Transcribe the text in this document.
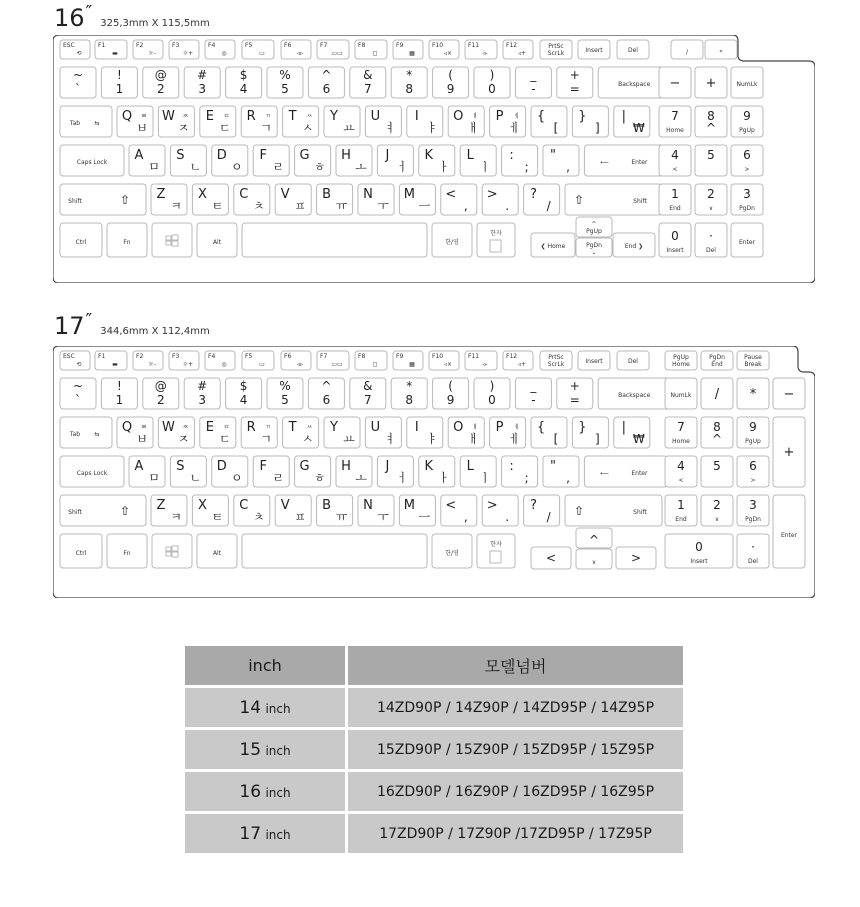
16″
325,3mm X 115,5mm
ESC
⟲
F1
▬
F2
☼-
F3
☼+
F4
◎
F5
▭
F6
◃▹
F7
▭▭
F8
◻
F9
▦
F10
◃×
F11
◃-
F12
◃+
PrtSc
ScrLk	Insert	Del
~
`
!
1
@
2
#
3
$
4
%
5
^
6
&
7
*
8
(
9
)
0
_
-
+
=	Backspace
Tab ⇆ Q ㅃ
ㅂ
W ㅉ
ㅈ
E ㄸ
ㄷ
R ㄲ
ㄱ
T ㅆ
ㅅ
Y
ㅛ
U
ㅕ
I
ㅑ
O ㅒ
ㅐ
P ㅖ
ㅔ
{
[
}
]
|
₩
Caps Lock A
ㅁ
S
ㄴ
D
ㅇ
F
ㄹ
G
ㅎ
H
ㅗ
J
ㅓ
K
ㅏ
L
ㅣ
:
;
"
,	⟵	Enter
Shift	⇧ Z
ㅋ
X
ㅌ
C
ㅊ
V
ㅍ
B
ㅠ
N
ㅜ
M
ㅡ
<
,
>
.
?
/ ⇧	Shift
Ctrl	Fn	Alt	한/영
한자
❮ Home
^
PgUp
PgDn
⌄
End ❯
/	*
− +	NumLk
7
Home
8
^
9
PgUp
4
<
5 6
>
1
End
2
∨
3
PgDn
0
Insert
·
Del
Enter
17″
344,6mm X 112,4mm
ESC
⟲
F1
▬
F2
☼-
F3
☼+
F4
◎
F5
▭
F6
◃▹
F7
▭▭
F8
◻
F9
▦
F10
◃×
F11
◃-
F12
◃+
PrtSc
ScrLk	Insert	Del
~
`
!
1
@
2
#
3
$
4
%
5
^
6
&
7
*
8
(
9
)
0
_
-
+
=	Backspace
Tab ⇆ Q ㅃ
ㅂ
W ㅉ
ㅈ
E ㄸ
ㄷ
R ㄲ
ㄱ
T ㅆ
ㅅ
Y
ㅛ
U
ㅕ
I
ㅑ
O ㅒ
ㅐ
P ㅖ
ㅔ
{
[
}
]
|
₩
Caps Lock A
ㅁ
S
ㄴ
D
ㅇ
F
ㄹ
G
ㅎ
H
ㅗ
J
ㅓ
K
ㅏ
L
ㅣ
:
;
"
,	⟵	Enter
Shift	⇧ Z
ㅋ
X
ㅌ
C
ㅊ
V
ㅍ
B
ㅠ
N
ㅜ
M
ㅡ
<
,
>
.
?
/ ⇧	Shift
Ctrl	Fn	Alt	한/영
한자
<
^
∨	>
PgUp
Home
PgDn
End
Pause
Break
NumLk / * −
7
Home
8
^
9
PgUp
4
<
5 6
>
1
End
2
∨
3
PgDn
+
Enter
0
Insert
·
Del
inch	모델넘버
14 inch	14ZD90P / 14Z90P / 14ZD95P / 14Z95P
15 inch	15ZD90P / 15Z90P / 15ZD95P / 15Z95P
16 inch	16ZD90P / 16Z90P / 16ZD95P / 16Z95P
17 inch	17ZD90P / 17Z90P /17ZD95P / 17Z95P
